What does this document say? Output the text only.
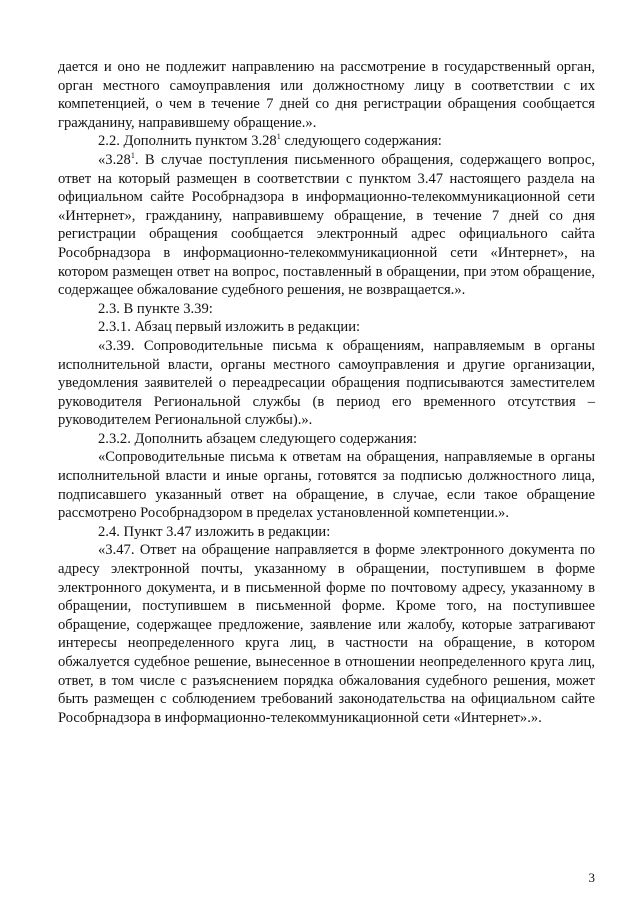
дается и оно не подлежит направлению на рассмотрение в государственный орган, орган местного самоуправления или должностному лицу в соответствии с их компетенцией, о чем в течение 7 дней со дня регистрации обращения сообщается гражданину, направившему обращение.».

2.2. Дополнить пунктом 3.28$^1$ следующего содержания:

«3.28$^1$. В случае поступления письменного обращения, содержащего вопрос, ответ на который размещен в соответствии с пунктом 3.47 настоящего раздела на официальном сайте Рособрнадзора в информационно-телекоммуникационной сети «Интернет», гражданину, направившему обращение, в течение 7 дней со дня регистрации обращения сообщается электронный адрес официального сайта Рособрнадзора в информационно-телекоммуникационной сети «Интернет», на котором размещен ответ на вопрос, поставленный в обращении, при этом обращение, содержащее обжалование судебного решения, не возвращается.».

2.3. В пункте 3.39:

2.3.1. Абзац первый изложить в редакции:

«3.39. Сопроводительные письма к обращениям, направляемым в органы исполнительной власти, органы местного самоуправления и другие организации, уведомления заявителей о переадресации обращения подписываются заместителем руководителя Региональной службы (в период его временного отсутствия – руководителем Региональной службы).».

2.3.2. Дополнить абзацем следующего содержания:

«Сопроводительные письма к ответам на обращения, направляемые в органы исполнительной власти и иные органы, готовятся за подписью должностного лица, подписавшего указанный ответ на обращение, в случае, если такое обращение рассмотрено Рособрнадзором в пределах установленной компетенции.».

2.4. Пункт 3.47 изложить в редакции:

«3.47. Ответ на обращение направляется в форме электронного документа по адресу электронной почты, указанному в обращении, поступившем в форме электронного документа, и в письменной форме по почтовому адресу, указанному в обращении, поступившем в письменной форме. Кроме того, на поступившее обращение, содержащее предложение, заявление или жалобу, которые затрагивают интересы неопределенного круга лиц, в частности на обращение, в котором обжалуется судебное решение, вынесенное в отношении неопределенного круга лиц, ответ, в том числе с разъяснением порядка обжалования судебного решения, может быть размещен с соблюдением требований законодательства на официальном сайте Рособрнадзора в информационно-телекоммуникационной сети «Интернет».».

3
